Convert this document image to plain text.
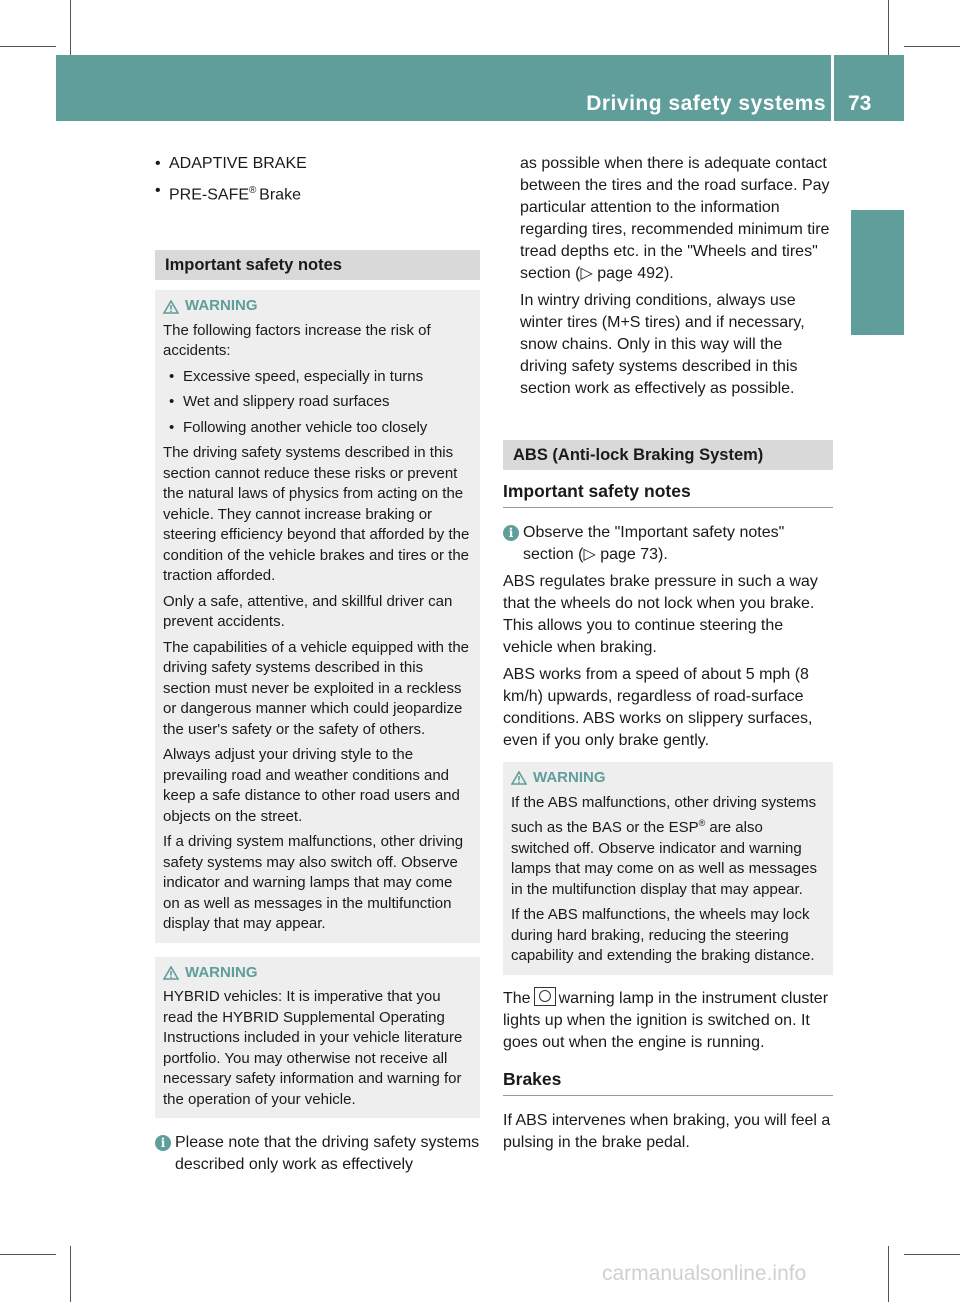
Driving safety systems 73
Safety
• ADAPTIVE BRAKE
• PRE-SAFE® Brake
Important safety notes
WARNING

The following factors increase the risk of accidents:

• Excessive speed, especially in turns
• Wet and slippery road surfaces
• Following another vehicle too closely

The driving safety systems described in this section cannot reduce these risks or prevent the natural laws of physics from acting on the vehicle. They cannot increase braking or steering efficiency beyond that afforded by the condition of the vehicle brakes and tires or the traction afforded.

Only a safe, attentive, and skillful driver can prevent accidents.

The capabilities of a vehicle equipped with the driving safety systems described in this section must never be exploited in a reckless or dangerous manner which could jeopardize the user's safety or the safety of others.

Always adjust your driving style to the prevailing road and weather conditions and keep a safe distance to other road users and objects on the street.

If a driving system malfunctions, other driving safety systems may also switch off. Observe indicator and warning lamps that may come on as well as messages in the multifunction display that may appear.

WARNING

HYBRID vehicles: It is imperative that you read the HYBRID Supplemental Operating Instructions included in your vehicle literature portfolio. You may otherwise not receive all necessary safety information and warning for the operation of your vehicle.

i Please note that the driving safety systems described only work as effectively

as possible when there is adequate contact between the tires and the road surface. Pay particular attention to the information regarding tires, recommended minimum tire tread depths etc. in the "Wheels and tires" section (▷ page 492).

In wintry driving conditions, always use winter tires (M+S tires) and if necessary, snow chains. Only in this way will the driving safety systems described in this section work as effectively as possible.

ABS (Anti-lock Braking System)
Important safety notes
i Observe the "Important safety notes" section (▷ page 73).

ABS regulates brake pressure in such a way that the wheels do not lock when you brake. This allows you to continue steering the vehicle when braking.

ABS works from a speed of about 5 mph (8 km/h) upwards, regardless of road-surface conditions. ABS works on slippery surfaces, even if you only brake gently.

WARNING

If the ABS malfunctions, other driving systems such as the BAS or the ESP® are also switched off. Observe indicator and warning lamps that may come on as well as messages in the multifunction display that may appear.

If the ABS malfunctions, the wheels may lock during hard braking, reducing the steering capability and extending the braking distance.

The warning lamp in the instrument cluster lights up when the ignition is switched on. It goes out when the engine is running.

Brakes

If ABS intervenes when braking, you will feel a pulsing in the brake pedal.

carmanualsonline.info
